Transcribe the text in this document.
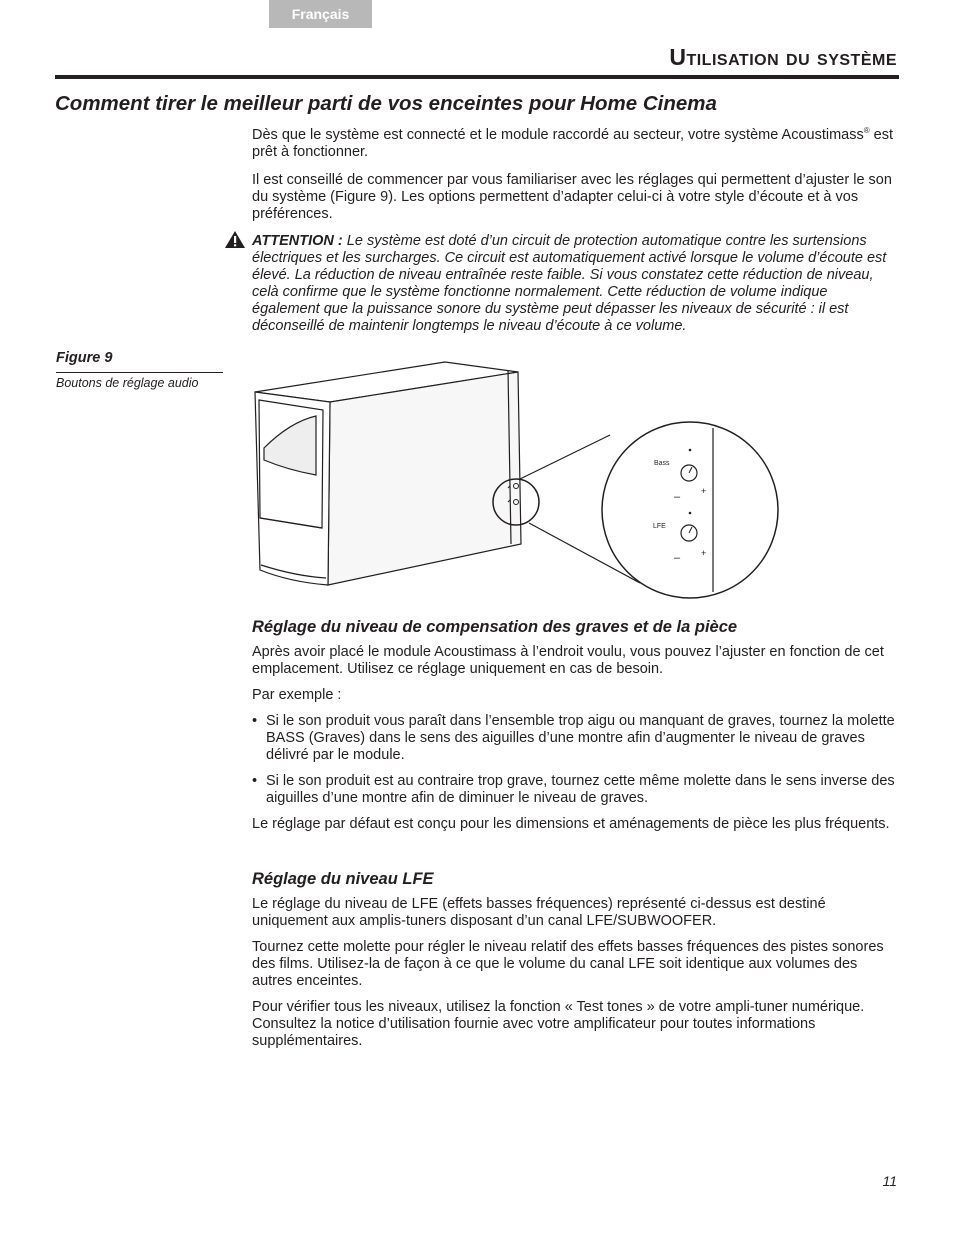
Français
Utilisation du système
Comment tirer le meilleur parti de vos enceintes pour Home Cinema

Dès que le système est connecté et le module raccordé au secteur, votre système Acoustimass® est prêt à fonctionner.

Il est conseillé de commencer par vous familiariser avec les réglages qui permettent d’ajuster le son du système (Figure 9). Les options permettent d’adapter celui-ci à votre style d’écoute et à vos préférences.

ATTENTION : Le système est doté d’un circuit de protection automatique contre les surtensions électriques et les surcharges. Ce circuit est automatiquement activé lorsque le volume d’écoute est élevé. La réduction de niveau entraînée reste faible. Si vous constatez cette réduction de niveau, celà confirme que le système fonctionne normalement. Cette réduction de volume indique également que la puissance sonore du système peut dépasser les niveaux de sécurité : il est déconseillé de maintenir longtemps le niveau d’écoute à ce volume.

Figure 9
Boutons de réglage audio
Bass
– +
LFE
– +
Réglage du niveau de compensation des graves et de la pièce

Après avoir placé le module Acoustimass à l’endroit voulu, vous pouvez l’ajuster en fonction de cet emplacement. Utilisez ce réglage uniquement en cas de besoin.

Par exemple :

• Si le son produit vous paraît dans l’ensemble trop aigu ou manquant de graves, tournez la molette BASS (Graves) dans le sens des aiguilles d’une montre afin d’augmenter le niveau de graves délivré par le module.
• Si le son produit est au contraire trop grave, tournez cette même molette dans le sens inverse des aiguilles d’une montre afin de diminuer le niveau de graves.

Le réglage par défaut est conçu pour les dimensions et aménagements de pièce les plus fréquents.

Réglage du niveau LFE

Le réglage du niveau de LFE (effets basses fréquences) représenté ci-dessus est destiné uniquement aux amplis-tuners disposant d’un canal LFE/SUBWOOFER.

Tournez cette molette pour régler le niveau relatif des effets basses fréquences des pistes sonores des films. Utilisez-la de façon à ce que le volume du canal LFE soit identique aux volumes des autres enceintes.

Pour vérifier tous les niveaux, utilisez la fonction « Test tones » de votre ampli-tuner numérique. Consultez la notice d’utilisation fournie avec votre amplificateur pour toutes informations supplémentaires.

11
